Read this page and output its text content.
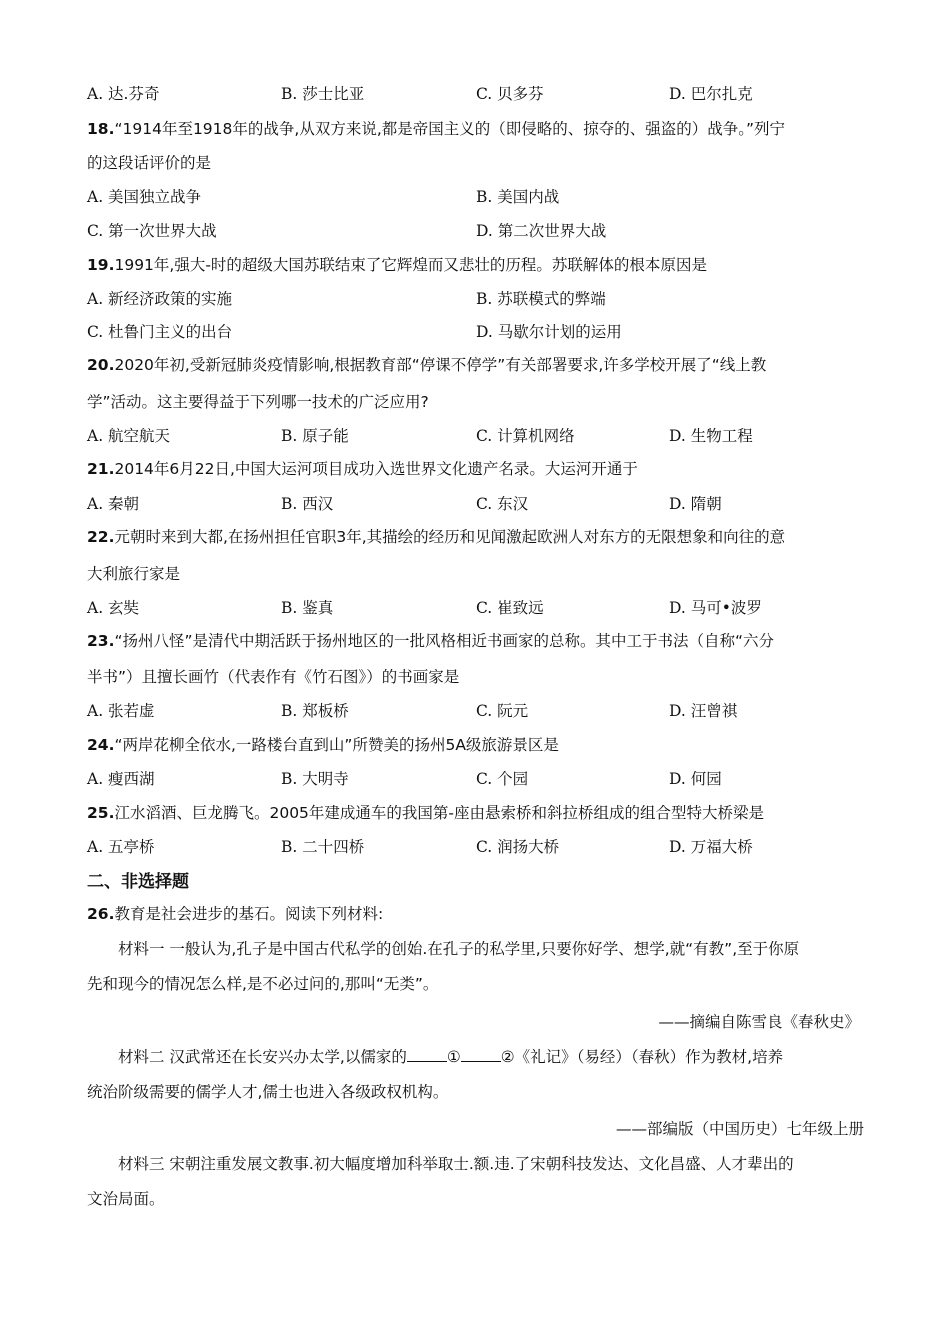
A. 达.芬奇	B. 莎士比亚	C. 贝多芬	D. 巴尔扎克
18.“1914年至1918年的战争,从双方来说,都是帝国主义的（即侵略的、掠夺的、强盗的）战争。”列宁
的这段话评价的是
A. 美国独立战争	B. 美国内战
C. 第一次世界大战	D. 第二次世界大战
19.1991年,强大-时的超级大国苏联结束了它辉煌而又悲壮的历程。苏联解体的根本原因是
A. 新经济政策的实施	B. 苏联模式的弊端
C. 杜鲁门主义的出台	D. 马歇尔计划的运用
20.2020年初,受新冠肺炎疫情影响,根据教育部“停课不停学”有关部署要求,许多学校开展了“线上教
学”活动。这主要得益于下列哪一技术的广泛应用?
A. 航空航天	B. 原子能	C. 计算机网络	D. 生物工程
21.2014年6月22日,中国大运河项目成功入选世界文化遗产名录。大运河开通于
A. 秦朝	B. 西汉	C. 东汉	D. 隋朝
22.元朝时来到大都,在扬州担任官职3年,其描绘的经历和见闻激起欧洲人对东方的无限想象和向往的意
大利旅行家是
A. 玄奘	B. 鉴真	C. 崔致远	D. 马可•波罗
23.“扬州八怪”是清代中期活跃于扬州地区的一批风格相近书画家的总称。其中工于书法（自称“六分
半书”）且擅长画竹（代表作有《竹石图》）的书画家是
A. 张若虚	B. 郑板桥	C. 阮元	D. 汪曾祺
24.“两岸花柳全依水,一路楼台直到山”所赞美的扬州5A级旅游景区是
A. 瘦西湖	B. 大明寺	C. 个园	D. 何园
25.江水滔酒、巨龙腾飞。2005年建成通车的我国第-座由悬索桥和斜拉桥组成的组合型特大桥梁是
A. 五亭桥	B. 二十四桥	C. 润扬大桥	D. 万福大桥
二、非选择题
26.教育是社会进步的基石。阅读下列材料:
材料一 一般认为,孔子是中国古代私学的创始.在孔子的私学里,只要你好学、想学,就“有教”,至于你原
先和现今的情况怎么样,是不必过问的,那叫“无类”。
——摘编自陈雪良《春秋史》
材料二 汉武常还在长安兴办太学,以儒家的	①	②《礼记》（易经）（春秋）作为教材,培养
统治阶级需要的儒学人才,儒士也进入各级政权机构。
——部编版（中国历史）七年级上册
材料三 宋朝注重发展文教事.初大幅度增加科举取士.额.违.了宋朝科技发达、文化昌盛、人才辈出的
文治局面。
